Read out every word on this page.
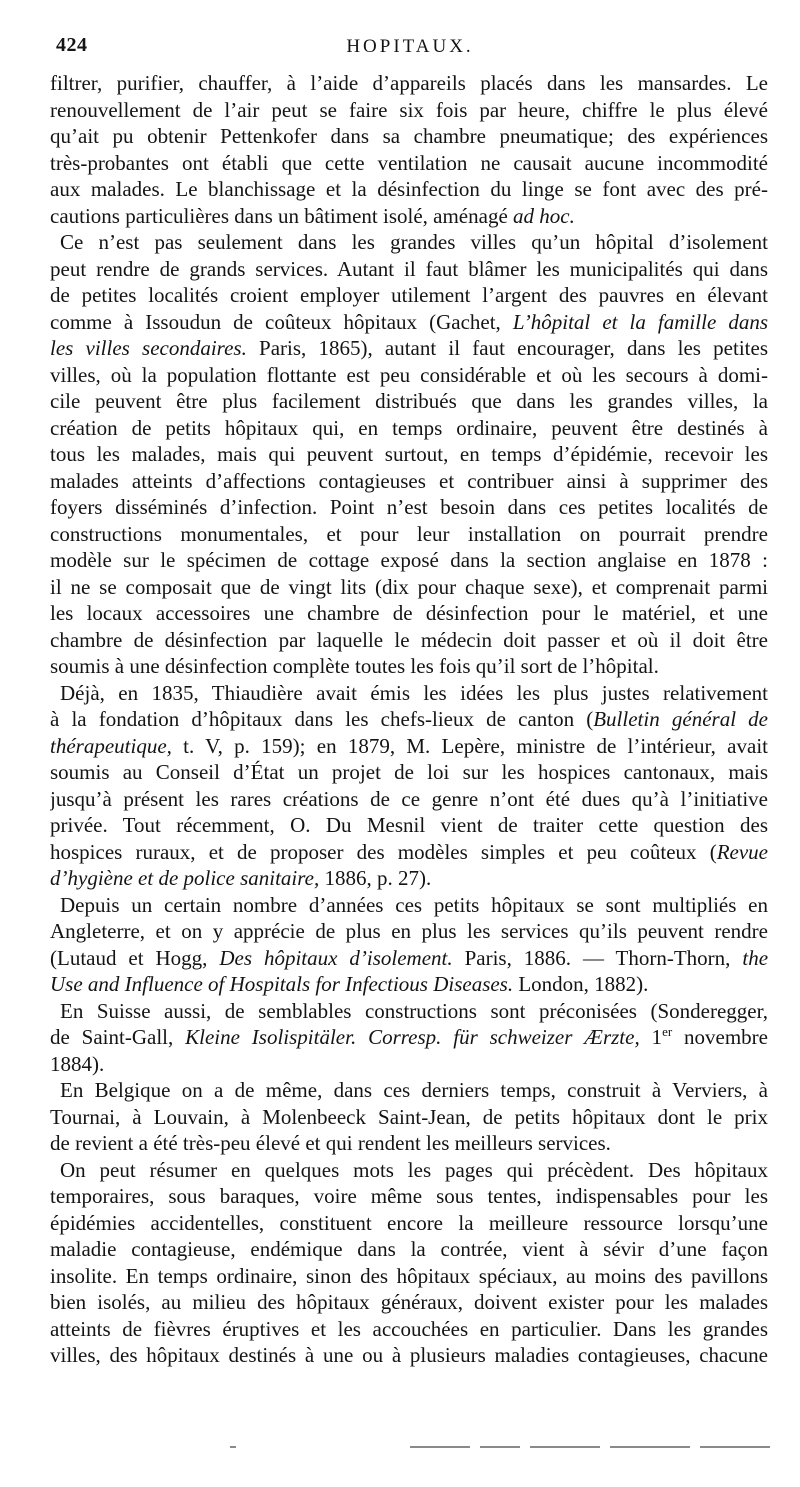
424	HOPITAUX.
filtrer, purifier, chauffer, à l’aide d’appareils placés dans les mansardes. Le
renouvellement de l’air peut se faire six fois par heure, chiffre le plus élevé
qu’ait pu obtenir Pettenkofer dans sa chambre pneumatique; des expériences
très-probantes ont établi que cette ventilation ne causait aucune incommodité
aux malades. Le blanchissage et la désinfection du linge se font avec des pré-
cautions particulières dans un bâtiment isolé, aménagé ad hoc.
Ce n’est pas seulement dans les grandes villes qu’un hôpital d’isolement
peut rendre de grands services. Autant il faut blâmer les municipalités qui dans
de petites localités croient employer utilement l’argent des pauvres en élevant
comme à Issoudun de coûteux hôpitaux (Gachet, L’hôpital et la famille dans
les villes secondaires. Paris, 1865), autant il faut encourager, dans les petites
villes, où la population flottante est peu considérable et où les secours à domi-
cile peuvent être plus facilement distribués que dans les grandes villes, la
création de petits hôpitaux qui, en temps ordinaire, peuvent être destinés à
tous les malades, mais qui peuvent surtout, en temps d’épidémie, recevoir les
malades atteints d’affections contagieuses et contribuer ainsi à supprimer des
foyers disséminés d’infection. Point n’est besoin dans ces petites localités de
constructions monumentales, et pour leur installation on pourrait prendre
modèle sur le spécimen de cottage exposé dans la section anglaise en 1878 :
il ne se composait que de vingt lits (dix pour chaque sexe), et comprenait parmi
les locaux accessoires une chambre de désinfection pour le matériel, et une
chambre de désinfection par laquelle le médecin doit passer et où il doit être
soumis à une désinfection complète toutes les fois qu’il sort de l’hôpital.
Déjà, en 1835, Thiaudière avait émis les idées les plus justes relativement
à la fondation d’hôpitaux dans les chefs-lieux de canton (Bulletin général de
thérapeutique, t. V, p. 159); en 1879, M. Lepère, ministre de l’intérieur, avait
soumis au Conseil d’État un projet de loi sur les hospices cantonaux, mais
jusqu’à présent les rares créations de ce genre n’ont été dues qu’à l’initiative
privée. Tout récemment, O. Du Mesnil vient de traiter cette question des
hospices ruraux, et de proposer des modèles simples et peu coûteux (Revue
d’hygiène et de police sanitaire, 1886, p. 27).
Depuis un certain nombre d’années ces petits hôpitaux se sont multipliés en
Angleterre, et on y apprécie de plus en plus les services qu’ils peuvent rendre
(Lutaud et Hogg, Des hôpitaux d’isolement. Paris, 1886. — Thorn-Thorn, the
Use and Influence of Hospitals for Infectious Diseases. London, 1882).
En Suisse aussi, de semblables constructions sont préconisées (Sonderegger,
de Saint-Gall, Kleine Isolispitäler. Corresp. für schweizer Ærzte, 1er novembre
1884).
En Belgique on a de même, dans ces derniers temps, construit à Verviers, à
Tournai, à Louvain, à Molenbeeck Saint-Jean, de petits hôpitaux dont le prix
de revient a été très-peu élevé et qui rendent les meilleurs services.
On peut résumer en quelques mots les pages qui précèdent. Des hôpitaux
temporaires, sous baraques, voire même sous tentes, indispensables pour les
épidémies accidentelles, constituent encore la meilleure ressource lorsqu’une
maladie contagieuse, endémique dans la contrée, vient à sévir d’une façon
insolite. En temps ordinaire, sinon des hôpitaux spéciaux, au moins des pavillons
bien isolés, au milieu des hôpitaux généraux, doivent exister pour les malades
atteints de fièvres éruptives et les accouchées en particulier. Dans les grandes
villes, des hôpitaux destinés à une ou à plusieurs maladies contagieuses, chacune
